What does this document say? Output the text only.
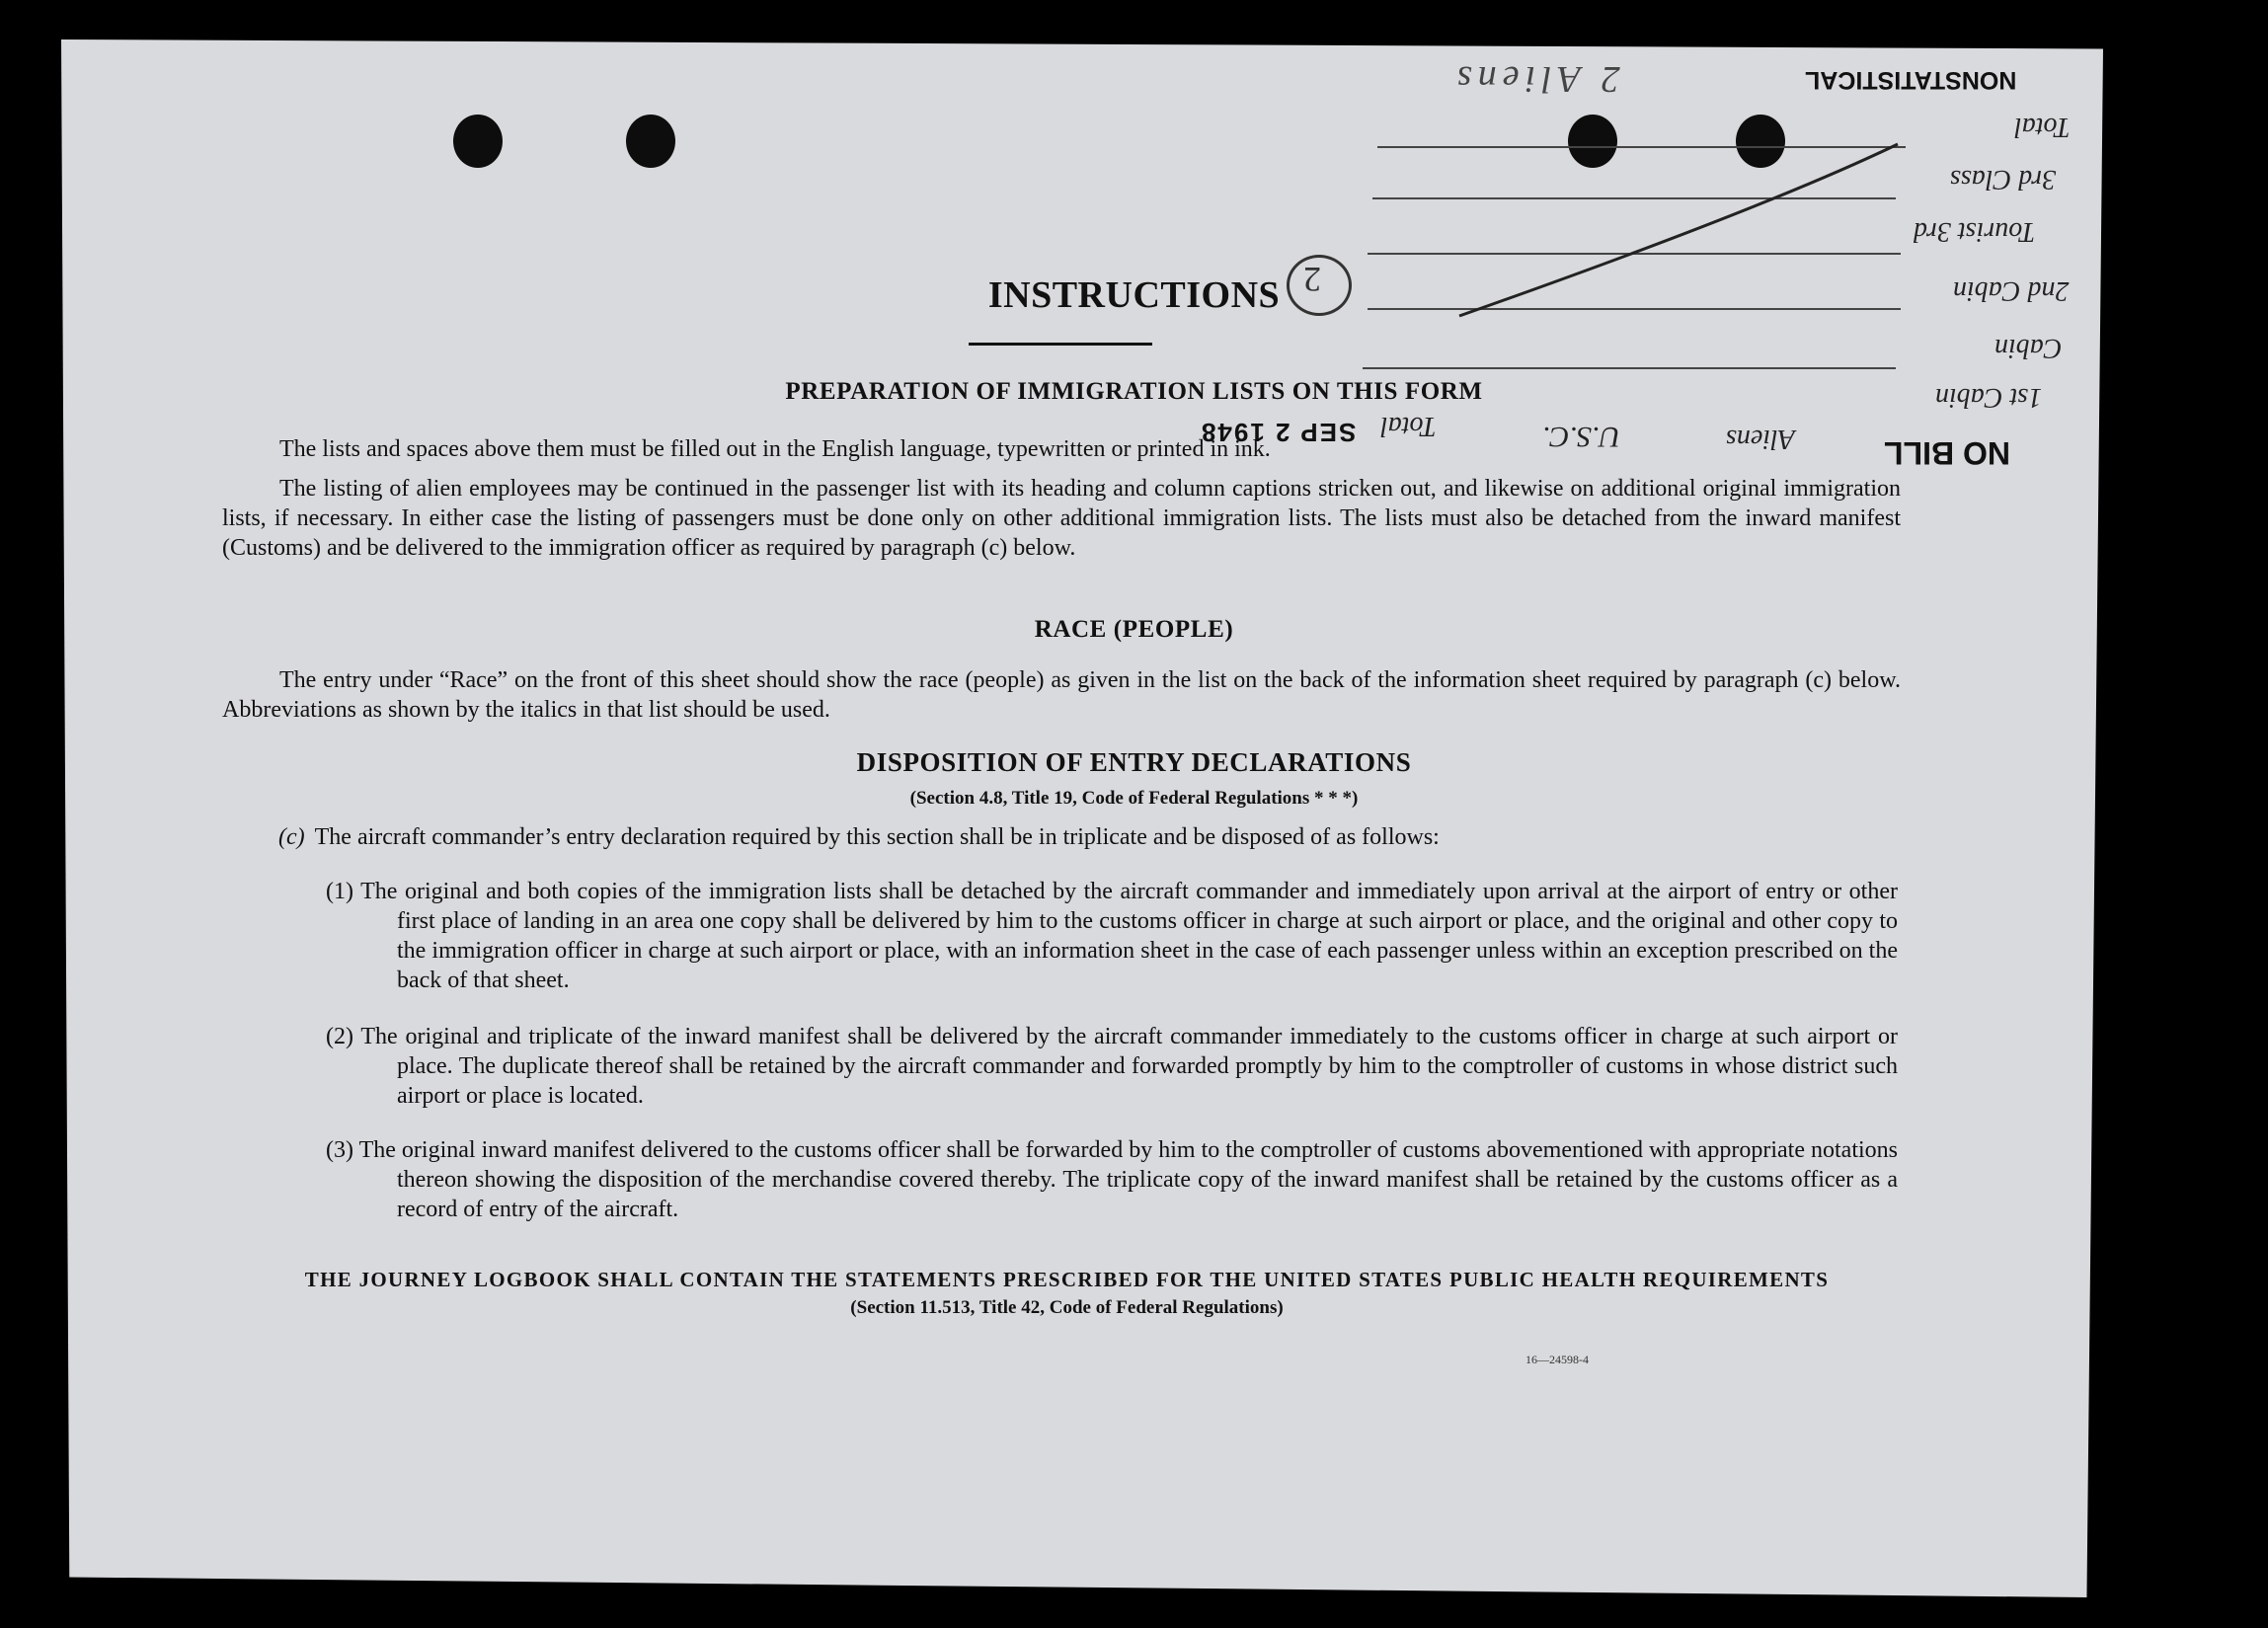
NONSTATISTICAL
2 Aliens
Total
3rd Class
Tourist 3rd
2nd Cabin
Cabin
1st Cabin
NO BILL
Aliens
U.S.C.
Total
SEP 2 1948
2
INSTRUCTIONS
PREPARATION OF IMMIGRATION LISTS ON THIS FORM
The lists and spaces above them must be filled out in the English language, typewritten or printed in ink.
The listing of alien employees may be continued in the passenger list with its heading and column captions stricken out, and likewise on additional original immigration lists, if necessary. In either case the listing of passengers must be done only on other additional immigration lists. The lists must also be detached from the inward manifest (Customs) and be delivered to the immigration officer as required by paragraph (c) below.
RACE (PEOPLE)
The entry under “Race” on the front of this sheet should show the race (people) as given in the list on the back of the information sheet required by paragraph (c) below. Abbreviations as shown by the italics in that list should be used.
DISPOSITION OF ENTRY DECLARATIONS
(Section 4.8, Title 19, Code of Federal Regulations * * *)
(c) The aircraft commander’s entry declaration required by this section shall be in triplicate and be disposed of as follows:
(1) The original and both copies of the immigration lists shall be detached by the aircraft commander and immediately upon arrival at the airport of entry or other first place of landing in an area one copy shall be delivered by him to the customs officer in charge at such airport or place, and the original and other copy to the immigration officer in charge at such airport or place, with an information sheet in the case of each passenger unless within an exception prescribed on the back of that sheet.
(2) The original and triplicate of the inward manifest shall be delivered by the aircraft commander immediately to the customs officer in charge at such airport or place. The duplicate thereof shall be retained by the aircraft commander and forwarded promptly by him to the comptroller of customs in whose district such airport or place is located.
(3) The original inward manifest delivered to the customs officer shall be forwarded by him to the comptroller of customs abovementioned with appropriate notations thereon showing the disposition of the merchandise covered thereby. The triplicate copy of the inward manifest shall be retained by the customs officer as a record of entry of the aircraft.
THE JOURNEY LOGBOOK SHALL CONTAIN THE STATEMENTS PRESCRIBED FOR THE UNITED STATES PUBLIC HEALTH REQUIREMENTS
(Section 11.513, Title 42, Code of Federal Regulations)
16—24598-4
